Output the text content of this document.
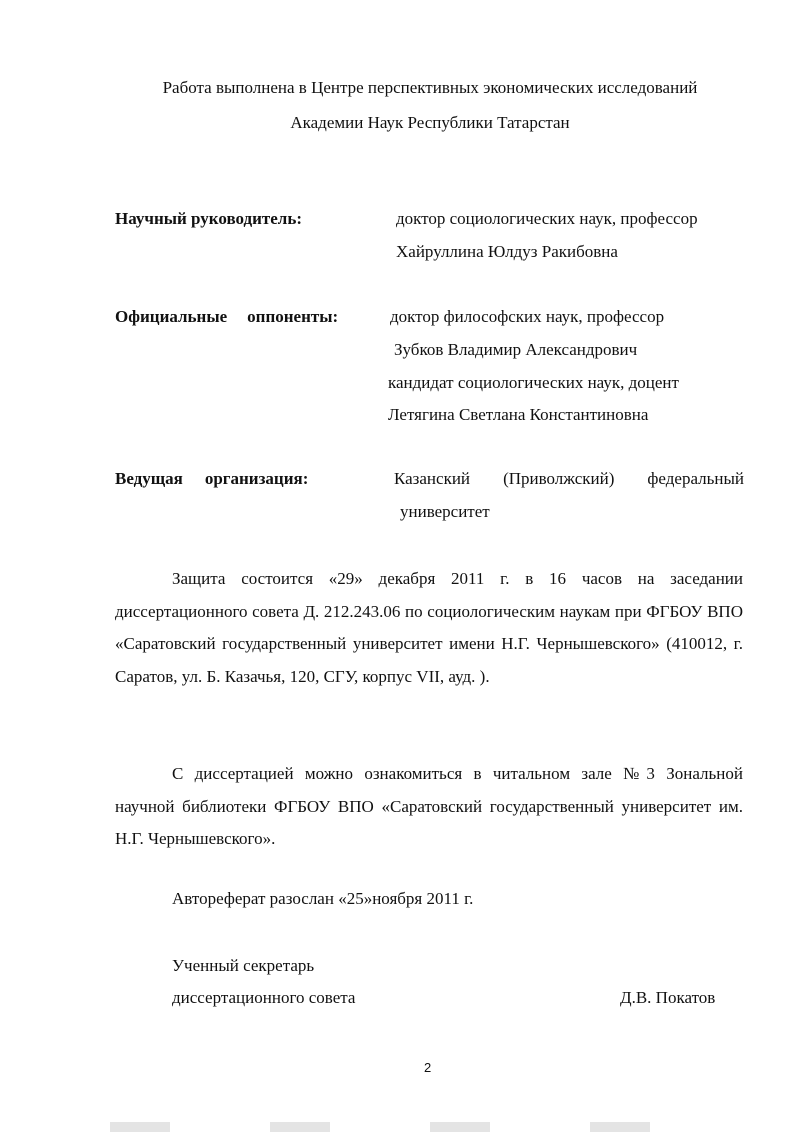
Работа выполнена в Центре перспективных экономических исследований
Академии Наук Республики Татарстан
Научный руководитель:	доктор социологических наук, профессор
Хайруллина Юлдуз Ракибовна
Официальные оппоненты:	доктор философских наук, профессор
Зубков Владимир Александрович
кандидат социологических наук, доцент
Летягина Светлана Константиновна
Ведущая организация:	Казанский (Приволжский) федеральный
университет
Защита состоится «29» декабря 2011 г. в 16 часов на заседании диссертационного совета Д. 212.243.06 по социологическим наукам при ФГБОУ ВПО «Саратовский государственный университет имени Н.Г. Чернышевского» (410012, г. Саратов, ул. Б. Казачья, 120, СГУ, корпус VII, ауд. ).
С диссертацией можно ознакомиться в читальном зале №3 Зональной научной библиотеки ФГБОУ ВПО «Саратовский государственный университет им. Н.Г. Чернышевского».
Автореферат разослан «25»ноября 2011 г.
Ученный секретарь
диссертационного совета	Д.В. Покатов
2
